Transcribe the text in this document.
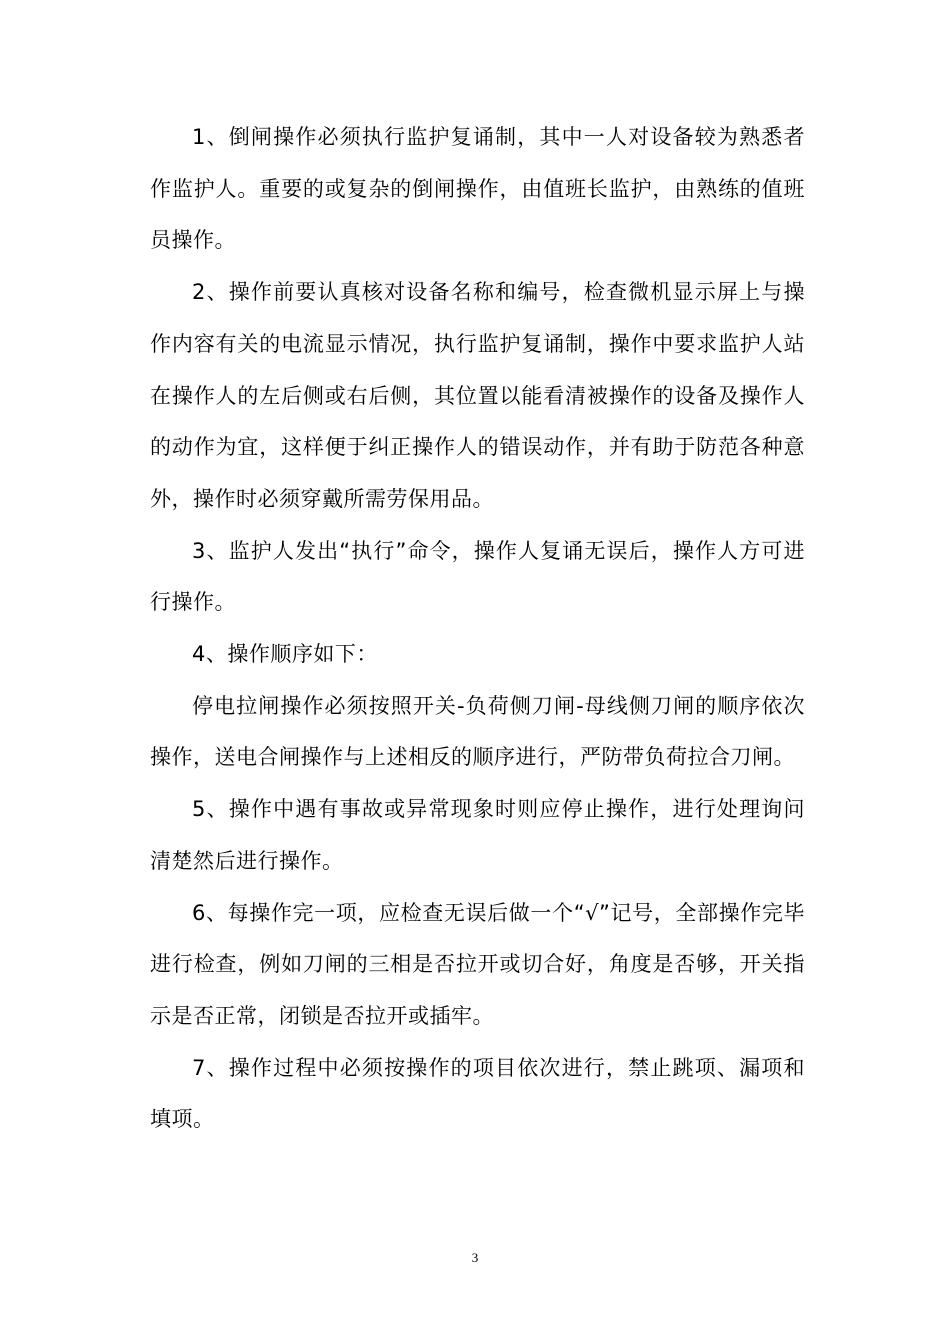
1、倒闸操作必须执行监护复诵制，其中一人对设备较为熟悉者作监护人。重要的或复杂的倒闸操作，由值班长监护，由熟练的值班员操作。

2、操作前要认真核对设备名称和编号，检查微机显示屏上与操作内容有关的电流显示情况，执行监护复诵制，操作中要求监护人站在操作人的左后侧或右后侧，其位置以能看清被操作的设备及操作人的动作为宜，这样便于纠正操作人的错误动作，并有助于防范各种意外，操作时必须穿戴所需劳保用品。

3、监护人发出“执行”命令，操作人复诵无误后，操作人方可进行操作。

4、操作顺序如下：

停电拉闸操作必须按照开关-负荷侧刀闸-母线侧刀闸的顺序依次操作，送电合闸操作与上述相反的顺序进行，严防带负荷拉合刀闸。

5、操作中遇有事故或异常现象时则应停止操作，进行处理询问清楚然后进行操作。

6、每操作完一项，应检查无误后做一个“√”记号，全部操作完毕进行检查，例如刀闸的三相是否拉开或切合好，角度是否够，开关指示是否正常，闭锁是否拉开或插牢。

7、操作过程中必须按操作的项目依次进行，禁止跳项、漏项和填项。

3
